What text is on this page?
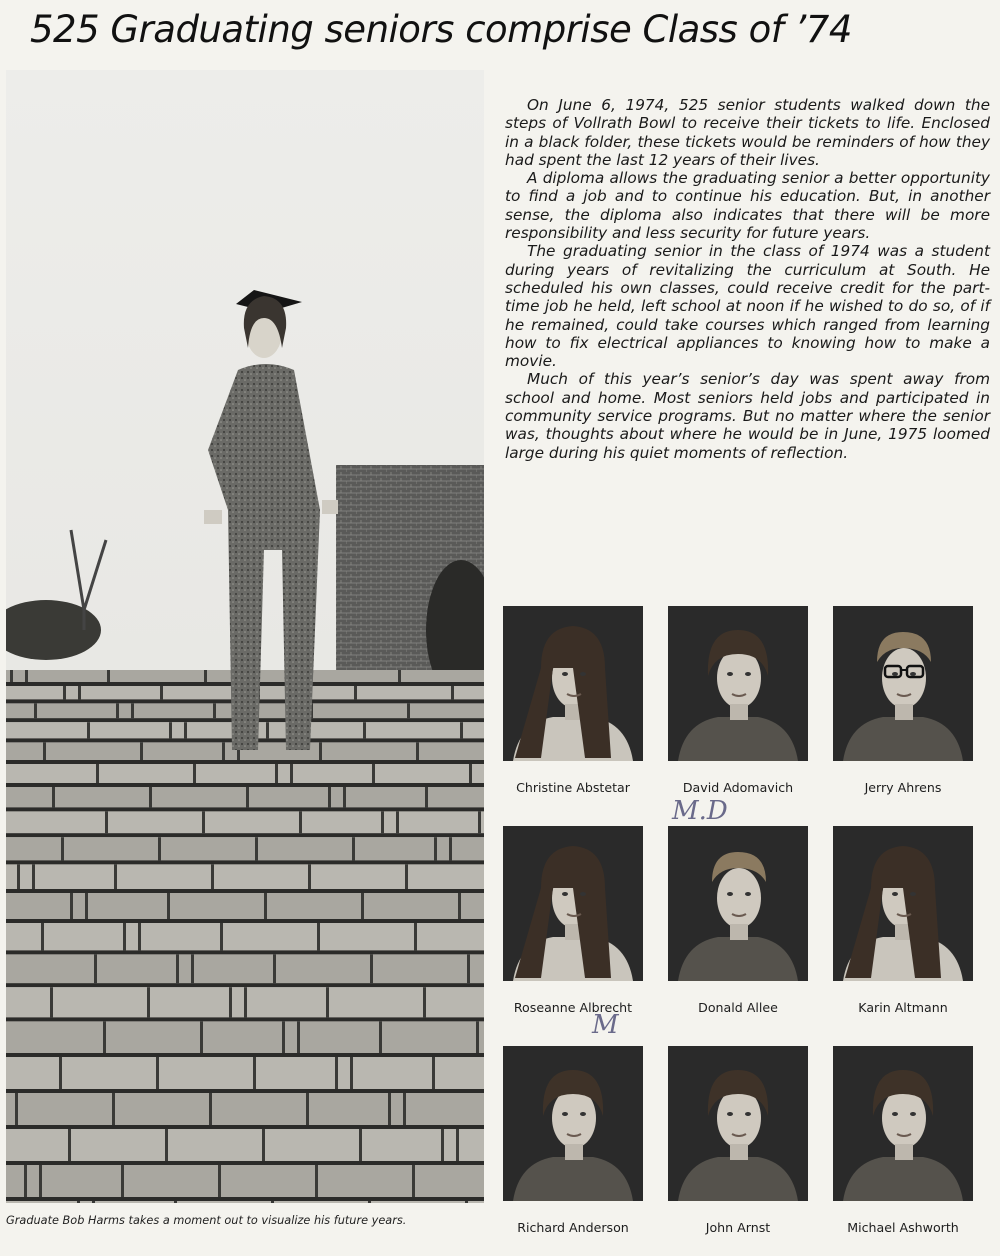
525 Graduating seniors comprise Class of ’74
Graduate Bob Harms takes a moment out to visualize his future years.

On June 6, 1974, 525 senior students walked down the steps of Vollrath Bowl to receive their tickets to life. Enclosed in a black folder, these tickets would be reminders of how they had spent the last 12 years of their lives.

A diploma allows the graduating senior a better opportunity to find a job and to continue his education. But, in another sense, the diploma also indicates that there will be more responsibility and less security for future years.

The graduating senior in the class of 1974 was a student during years of revitalizing the curriculum at South. He scheduled his own classes, could receive credit for the part-time job he held, left school at noon if he wished to do so, of if he remained, could take courses which ranged from learning how to fix electrical appliances to knowing how to make a movie.

Much of this year’s senior’s day was spent away from school and home. Most seniors held jobs and participated in community service programs. But no matter where the senior was, thoughts about where he would be in June, 1975 loomed large during his quiet moments of reflection.

Christine Abstetar	David Adomavich	Jerry Ahrens
Roseanne Albrecht	Donald Allee	Karin Altmann
Richard Anderson	John Arnst	Michael Ashworth
M.D
M
